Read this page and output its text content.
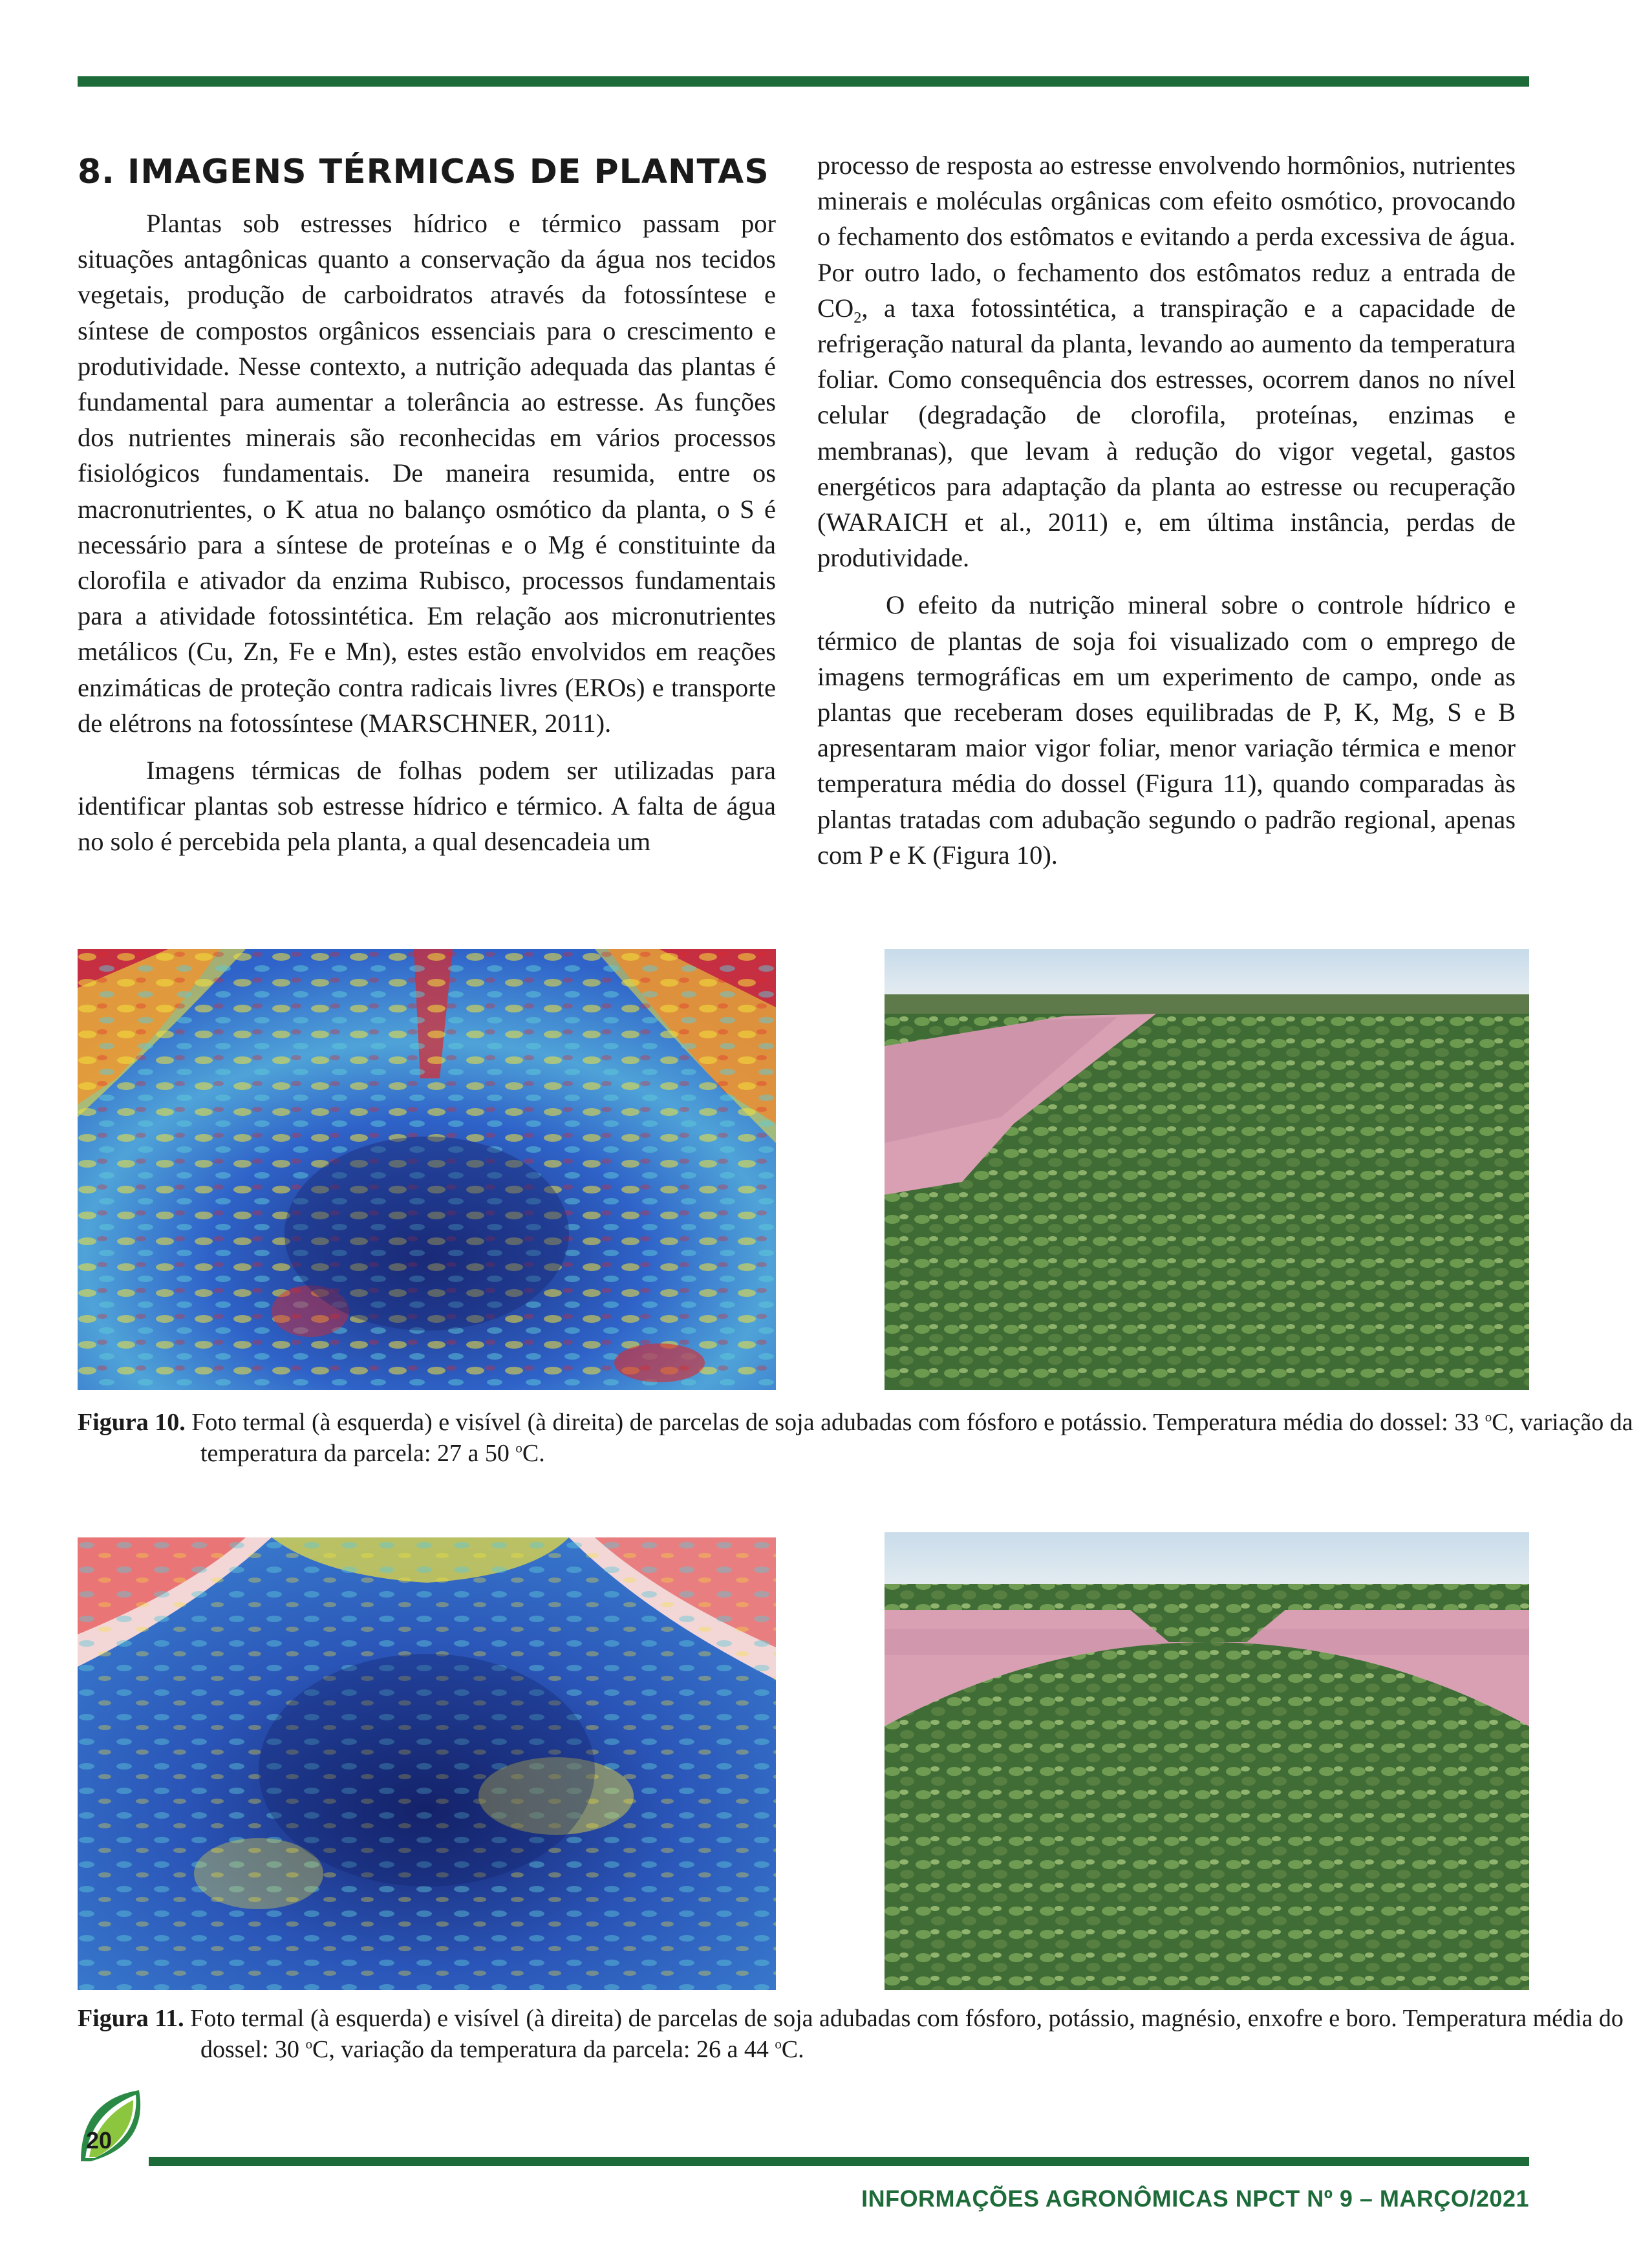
8. IMAGENS TÉRMICAS DE PLANTAS

Plantas sob estresses hídrico e térmico passam por situações antagônicas quanto a conservação da água nos tecidos vegetais, produção de carboidratos através da fotossíntese e síntese de compostos orgânicos essenciais para o crescimento e produtividade. Nesse contexto, a nutrição adequada das plantas é fundamental para aumentar a tolerância ao estresse. As funções dos nutrientes minerais são reconhecidas em vários processos fisiológicos fundamentais. De maneira resumida, entre os macronutrientes, o K atua no balanço osmótico da planta, o S é necessário para a síntese de proteínas e o Mg é constituinte da clorofila e ativador da enzima Rubisco, processos fundamentais para a atividade fotossintética. Em relação aos micronutrientes metálicos (Cu, Zn, Fe e Mn), estes estão envolvidos em reações enzimáticas de proteção contra radicais livres (EROs) e transporte de elétrons na fotossíntese (MARSCHNER, 2011).

Imagens térmicas de folhas podem ser utilizadas para identificar plantas sob estresse hídrico e térmico. A falta de água no solo é percebida pela planta, a qual desencadeia um

processo de resposta ao estresse envolvendo hormônios, nutrientes minerais e moléculas orgânicas com efeito osmótico, provocando o fechamento dos estômatos e evitando a perda excessiva de água. Por outro lado, o fechamento dos estômatos reduz a entrada de $CO_2$, a taxa fotossintética, a transpiração e a capacidade de refrigeração natural da planta, levando ao aumento da temperatura foliar. Como consequência dos estresses, ocorrem danos no nível celular (degradação de clorofila, proteínas, enzimas e membranas), que levam à redução do vigor vegetal, gastos energéticos para adaptação da planta ao estresse ou recuperação (WARAICH et al., 2011) e, em última instância, perdas de produtividade.

O efeito da nutrição mineral sobre o controle hídrico e térmico de plantas de soja foi visualizado com o emprego de imagens termográficas em um experimento de campo, onde as plantas que receberam doses equilibradas de P, K, Mg, S e B apresentaram maior vigor foliar, menor variação térmica e menor temperatura média do dossel (Figura 11), quando comparadas às plantas tratadas com adubação segundo o padrão regional, apenas com P e K (Figura 10).

Figura 10. Foto termal (à esquerda) e visível (à direita) de parcelas de soja adubadas com fósforo e potássio. Temperatura média do dossel: 33 $^o$C, variação da temperatura da parcela: 27 a 50 $^o$C.
Figura 11. Foto termal (à esquerda) e visível (à direita) de parcelas de soja adubadas com fósforo, potássio, magnésio, enxofre e boro. Temperatura média do dossel: 30 $^o$C, variação da temperatura da parcela: 26 a 44 $^o$C.
20
INFORMAÇÕES AGRONÔMICAS NPCT Nº 9 – MARÇO/2021
